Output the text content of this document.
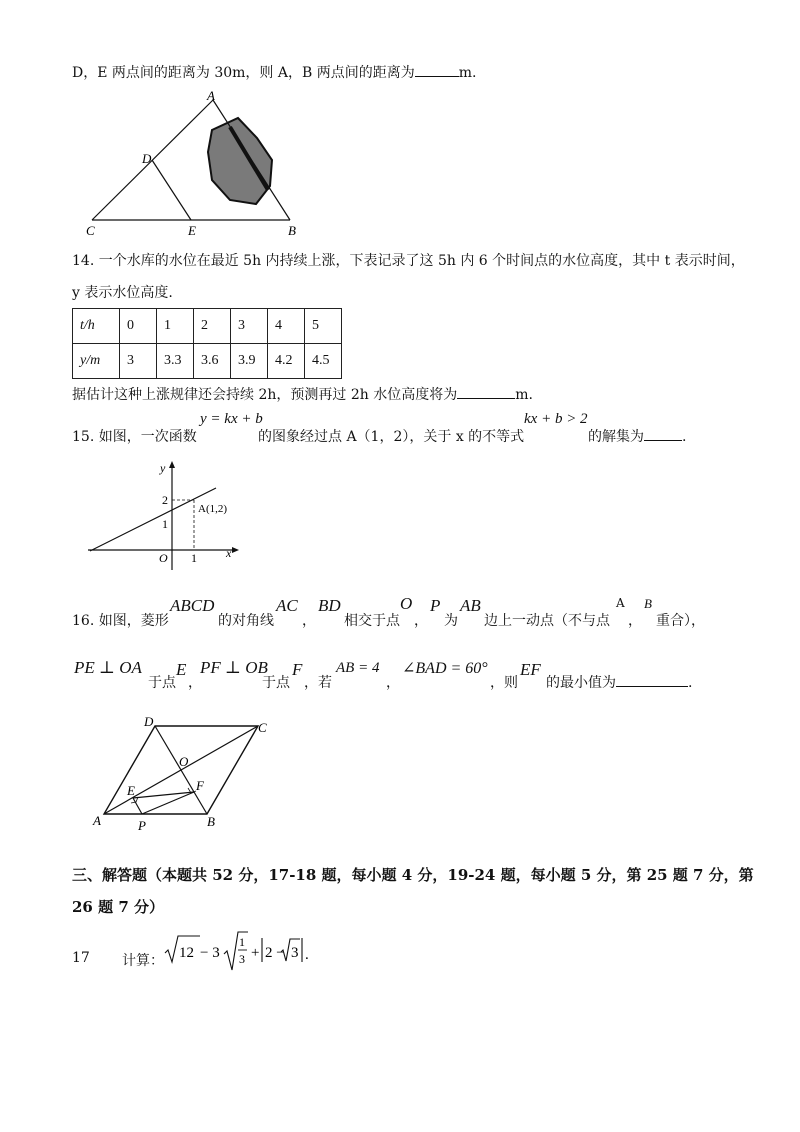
D，E 两点间的距离为 30m，则 A，B 两点间的距离为	m.
A
D
C	E	B
14. 一个水库的水位在最近 5h 内持续上涨，下表记录了这 5h 内 6 个时间点的水位高度，其中 t 表示时间，
y 表示水位高度.
t/h	0	1	2	3	4	5
y/m	3	3.3	3.6	3.9	4.2	4.5
据估计这种上涨规律还会持续 2h，预测再过 2h 水位高度将为	m.
15. 如图，一次函数
y = kx + b
的图象经过点 A（1，2），关于 x 的不等式
kx + b > 2
的解集为	.
y
x
O
2
1
1
A(1,2)
16. 如图，菱形
ABCD
的对角线
AC
，
BD
相交于点
O
，
P
为
AB
边上一动点（不与点
A
，
B
重合），
PE ⊥ OA
于点
E
，
PF ⊥ OB
于点
F
，若
AB = 4
，
∠BAD = 60°
，则
EF
的最小值为	.
A	B
C
D
O
E	F
P
三、解答题（本题共 52 分，17-18 题，每小题 4 分，19-24 题，每小题 5 分，第 25 题 7 分，第
26 题 7 分）
17 计算： 12 − 3
1
3 + 2 − 3 .
